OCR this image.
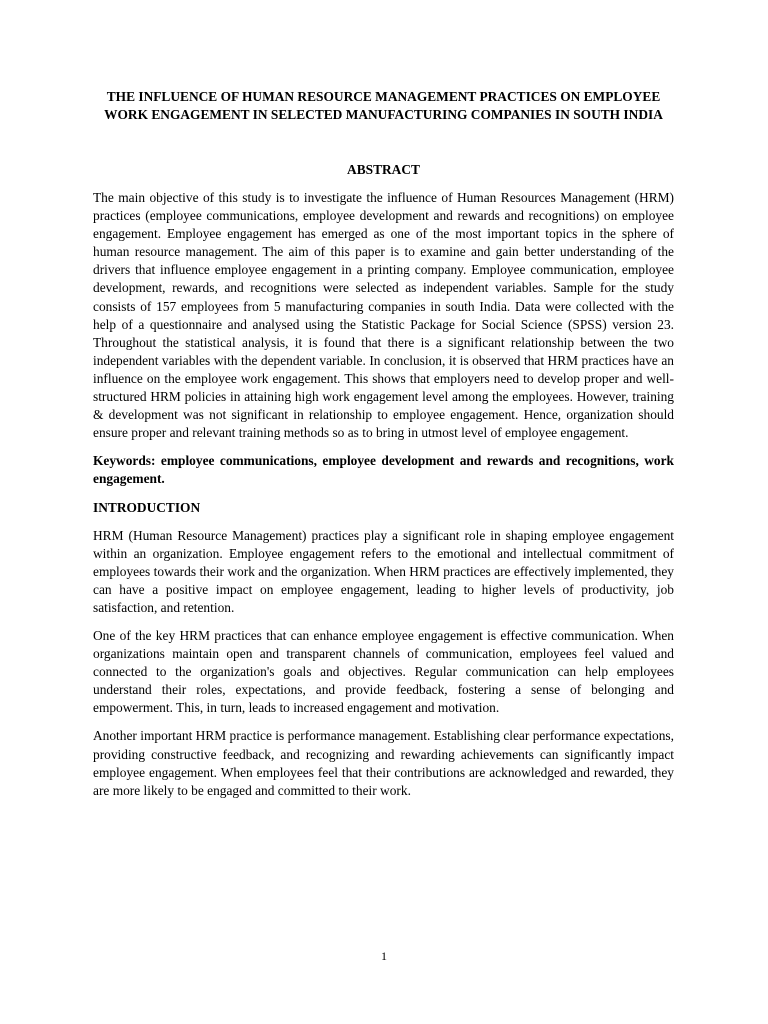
THE INFLUENCE OF HUMAN RESOURCE MANAGEMENT PRACTICES ON EMPLOYEE WORK ENGAGEMENT IN SELECTED MANUFACTURING COMPANIES IN SOUTH INDIA
ABSTRACT

The main objective of this study is to investigate the influence of Human Resources Management (HRM) practices (employee communications, employee development and rewards and recognitions) on employee engagement. Employee engagement has emerged as one of the most important topics in the sphere of human resource management. The aim of this paper is to examine and gain better understanding of the drivers that influence employee engagement in a printing company. Employee communication, employee development, rewards, and recognitions were selected as independent variables. Sample for the study consists of 157 employees from 5 manufacturing companies in south India. Data were collected with the help of a questionnaire and analysed using the Statistic Package for Social Science (SPSS) version 23. Throughout the statistical analysis, it is found that there is a significant relationship between the two independent variables with the dependent variable. In conclusion, it is observed that HRM practices have an influence on the employee work engagement. This shows that employers need to develop proper and well-structured HRM policies in attaining high work engagement level among the employees. However, training & development was not significant in relationship to employee engagement. Hence, organization should ensure proper and relevant training methods so as to bring in utmost level of employee engagement.

Keywords: employee communications, employee development and rewards and recognitions, work engagement.

INTRODUCTION

HRM (Human Resource Management) practices play a significant role in shaping employee engagement within an organization. Employee engagement refers to the emotional and intellectual commitment of employees towards their work and the organization. When HRM practices are effectively implemented, they can have a positive impact on employee engagement, leading to higher levels of productivity, job satisfaction, and retention.

One of the key HRM practices that can enhance employee engagement is effective communication. When organizations maintain open and transparent channels of communication, employees feel valued and connected to the organization's goals and objectives. Regular communication can help employees understand their roles, expectations, and provide feedback, fostering a sense of belonging and empowerment. This, in turn, leads to increased engagement and motivation.

Another important HRM practice is performance management. Establishing clear performance expectations, providing constructive feedback, and recognizing and rewarding achievements can significantly impact employee engagement. When employees feel that their contributions are acknowledged and rewarded, they are more likely to be engaged and committed to their work.

1
